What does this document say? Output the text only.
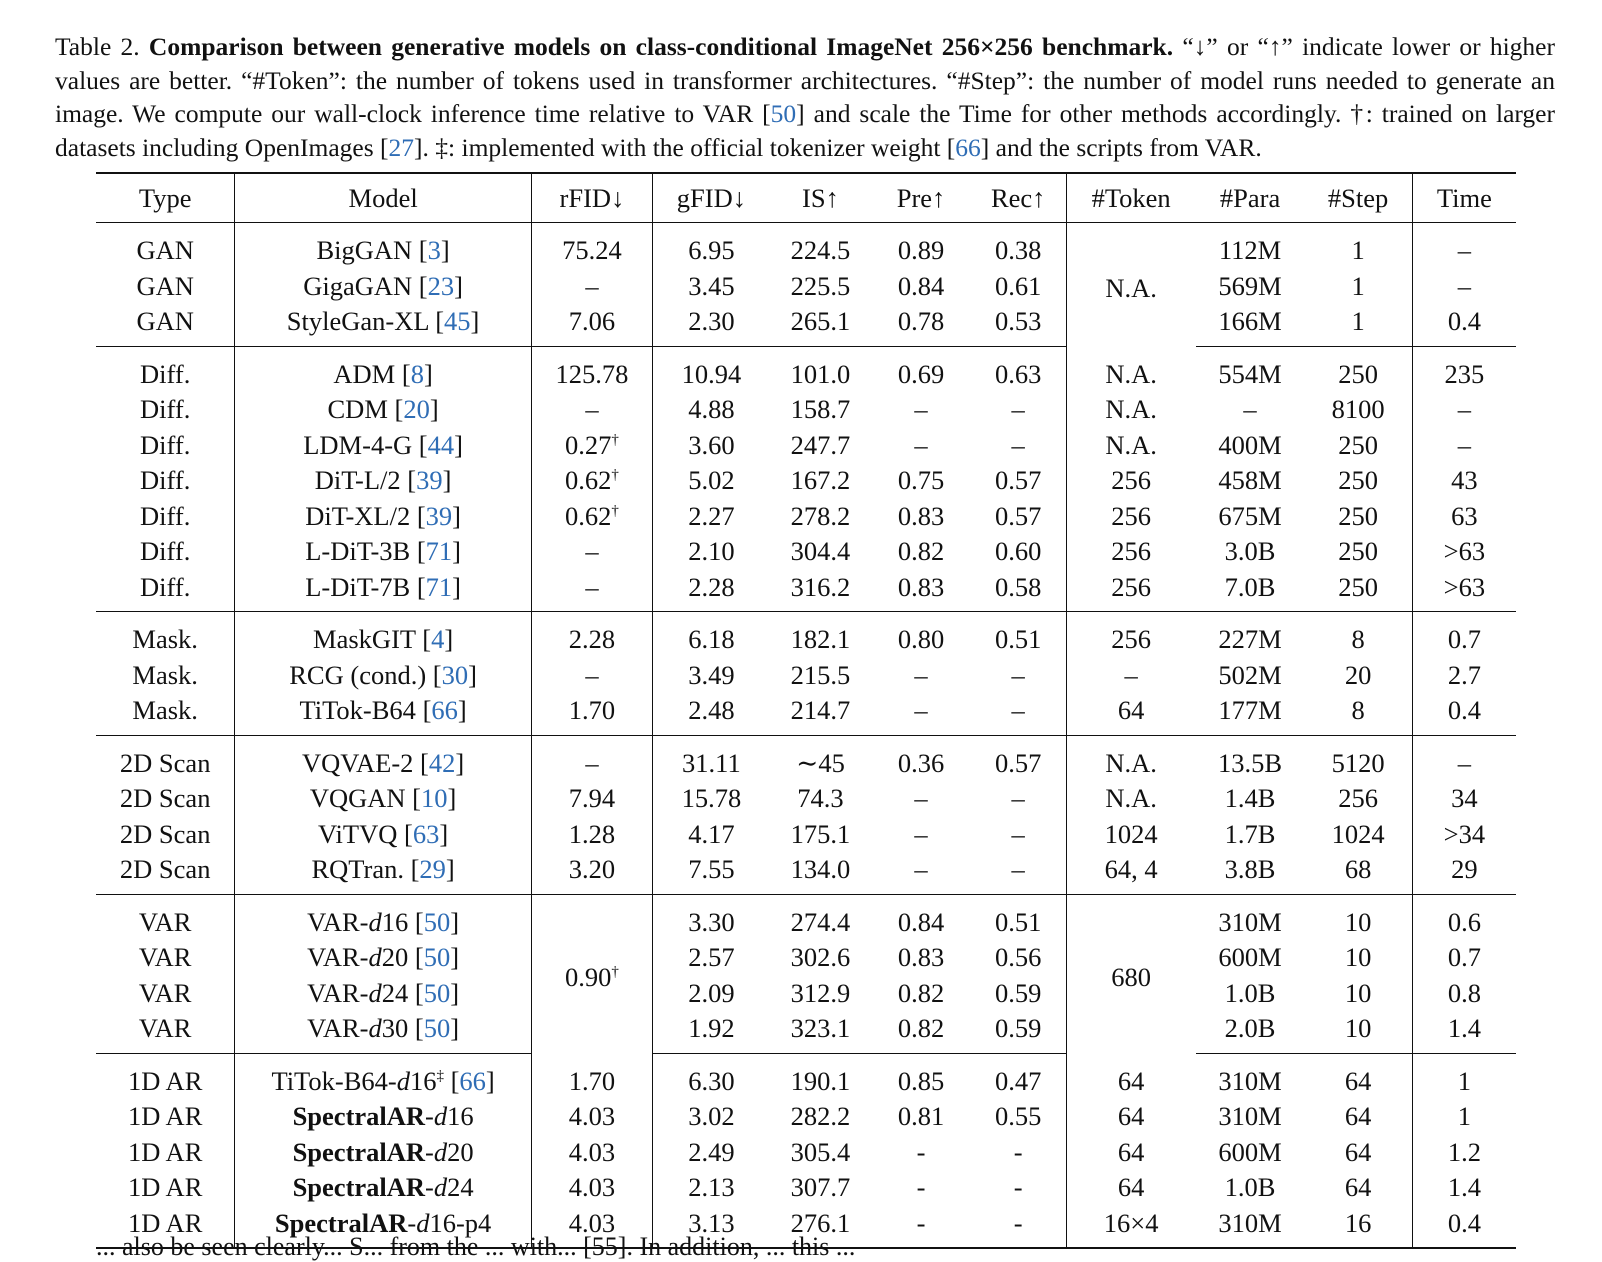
Table 2. Comparison between generative models on class-conditional ImageNet 256×256 benchmark. “↓” or “↑” indicate lower or higher values are better. “#Token”: the number of tokens used in transformer architectures. “#Step”: the number of model runs needed to generate an image. We compute our wall-clock inference time relative to VAR [50] and scale the Time for other methods accordingly. †: trained on larger datasets including OpenImages [27]. ‡: implemented with the official tokenizer weight [66] and the scripts from VAR.
Type	Model	rFID↓	gFID↓	IS↑	Pre↑	Rec↑	#Token	#Para	#Step	Time
GAN	BigGAN [3]	75.24	6.95	224.5	0.89	0.38	N.A.	112M	1	–
GAN	GigaGAN [23]	–	3.45	225.5	0.84	0.61		569M	1	–
GAN	StyleGan-XL [45]	7.06	2.30	265.1	0.78	0.53		166M	1	0.4
Diff.	ADM [8]	125.78	10.94	101.0	0.69	0.63	N.A.	554M	250	235
Diff.	CDM [20]	–	4.88	158.7	–	–	N.A.	–	8100	–
Diff.	LDM-4-G [44]	0.27†	3.60	247.7	–	–	N.A.	400M	250	–
Diff.	DiT-L/2 [39]	0.62†	5.02	167.2	0.75	0.57	256	458M	250	43
Diff.	DiT-XL/2 [39]	0.62†	2.27	278.2	0.83	0.57	256	675M	250	63
Diff.	L-DiT-3B [71]	–	2.10	304.4	0.82	0.60	256	3.0B	250	>63
Diff.	L-DiT-7B [71]	–	2.28	316.2	0.83	0.58	256	7.0B	250	>63
Mask.	MaskGIT [4]	2.28	6.18	182.1	0.80	0.51	256	227M	8	0.7
Mask.	RCG (cond.) [30]	–	3.49	215.5	–	–	–	502M	20	2.7
Mask.	TiTok-B64 [66]	1.70	2.48	214.7	–	–	64	177M	8	0.4
2D Scan	VQVAE-2 [42]	–	31.11	∼45	0.36	0.57	N.A.	13.5B	5120	–
2D Scan	VQGAN [10]	7.94	15.78	74.3	–	–	N.A.	1.4B	256	34
2D Scan	ViTVQ [63]	1.28	4.17	175.1	–	–	1024	1.7B	1024	>34
2D Scan	RQTran. [29]	3.20	7.55	134.0	–	–	64, 4	3.8B	68	29
VAR	VAR-d16 [50]	0.90†	3.30	274.4	0.84	0.51	680	310M	10	0.6
VAR	VAR-d20 [50]		2.57	302.6	0.83	0.56		600M	10	0.7
VAR	VAR-d24 [50]		2.09	312.9	0.82	0.59		1.0B	10	0.8
VAR	VAR-d30 [50]		1.92	323.1	0.82	0.59		2.0B	10	1.4
1D AR	TiTok-B64-d16‡ [66]	1.70	6.30	190.1	0.85	0.47	64	310M	64	1
1D AR	SpectralAR-d16	4.03	3.02	282.2	0.81	0.55	64	310M	64	1
1D AR	SpectralAR-d20	4.03	2.49	305.4	-	-	64	600M	64	1.2
1D AR	SpectralAR-d24	4.03	2.13	307.7	-	-	64	1.0B	64	1.4
1D AR	SpectralAR-d16-p4	4.03	3.13	276.1	-	-	16×4	310M	16	0.4
... also be seen clearly... S... from the ... with... [55]. In addition, ... this ...
